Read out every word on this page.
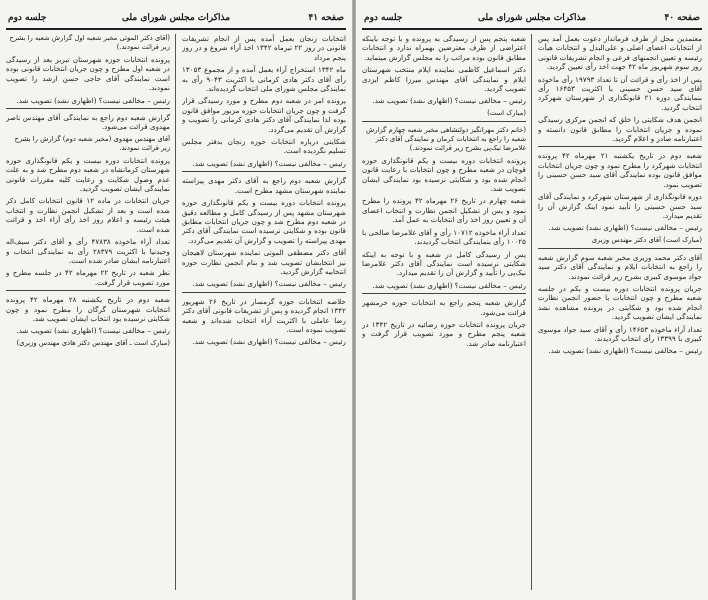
صفحه ۴۱
مذاکرات مجلس شورای ملی
جلسه دوم

انتخابات زنجان بعمل آمده پس از انجام تشریفات قانونی در روز ۲۲ تیرماه ۱۳۴۲ اخذ آراء شروع و در روز پنجم مرداد

ماه ۱۳۴۲ استخراج آراء بعمل آمده و از مجموع ۱۳۰۵۳ رأی آقای دکتر هادی کرمانی با اکثریت ۹۰۴۳ رأی به نمایندگی مجلس شورای ملی انتخاب گردیده‌اند.

پرونده امر در شعبه دوم مطرح و مورد رسیدگی قرار گرفت و چون جریان انتخابات حوزه مزبور موافق قانون بوده لذا نمایندگی آقای دکتر هادی کرمانی را تصویب و گزارش آن تقدیم می‌گردد.

شکایتی درباره انتخابات حوزه زنجان بدفتر مجلس تسلیم نگردیده است.

رئیس – مخالفی نیست؟ (اظهاری نشد) تصویب شد.

گزارش شعبه دوم راجع به آقای دکتر مهدی پیراسته نماینده شهرستان مشهد مطرح است.

پرونده انتخابات دوره بیست و یکم قانونگذاری حوزه شهرستان مشهد پس از رسیدگی کامل و مطالعه دقیق در شعبه دوم مطرح شد و چون جریان انتخابات مطابق قانون بوده و شکایتی نرسیده است نمایندگی آقای دکتر مهدی پیراسته را تصویب و گزارش آن تقدیم می‌گردد.

آقای دکتر مصطفی الموتی نماینده شهرستان لاهیجان نیز انتخابشان تصویب شد و بنام انجمن نظارت حوزه انتخابیه گزارش گردید.

رئیس – مخالفی نیست؟ (اظهاری نشد) تصویب شد.

خلاصه انتخابات حوزه گرمسار در تاریخ ۲۶ شهریور ۱۳۴۲ انجام گردیده و پس از تشریفات قانونی آقای دکتر رضا عاملی با اکثریت آراء انتخاب شده‌اند و شعبه تصویب نموده است.

رئیس – مخالفی نیست؟ (اظهاری نشد) تصویب شد.

(آقای دکتر الموتی مخبر شعبه اول گزارش شعبه را بشرح زیر قرائت نمودند.)

پرونده انتخابات حوزه شهرستان تبریز بعد از رسیدگی در شعبه اول مطرح و چون جریان انتخابات قانونی بوده است نمایندگی آقای حاجی حسن ارشد را تصویب نمودند.

رئیس – مخالفی نیست؟ (اظهاری نشد) تصویب شد.

گزارش شعبه دوم راجع به نمایندگی آقای مهندس ناصر مهدوی قرائت می‌شود.

آقای مهندس مهدوی (مخبر شعبه دوم) گزارش را بشرح زیر قرائت نمودند.

پرونده انتخابات دوره بیست و یکم قانونگذاری حوزه شهرستان کرمانشاه در شعبه دوم مطرح شد و به علت عدم وصول شکایت و رعایت کلیه مقررات قانونی نمایندگی ایشان تصویب گردید.

جریان انتخابات در ماده ۱۲ قانون انتخابات کامل ذکر شده است و بعد از تشکیل انجمن نظارت و انتخاب هیئت رئیسه و اعلام روز اخذ رأی آراء اخذ و قرائت شده است.

تعداد آراء ماخوذه ۴۷۸۳۸ رأی و آقای دکتر سیف‌اله وحیدنیا با اکثریت ۲۸۳۷۹ رأی به نمایندگی انتخاب و اعتبارنامه ایشان صادر شده است.

نظر شعبه در تاریخ ۲۲ مهرماه ۴۲ در جلسه مطرح و مورد تصویب قرار گرفت.

شعبه دوم در تاریخ یکشنبه ۲۸ مهرماه ۴۲ پرونده انتخابات شهرستان گرگان را مطرح نمود و چون شکایتی نرسیده بود انتخاب ایشان تصویب شد.

رئیس – مخالفی نیست؟ (اظهاری نشد) تصویب شد.

(مبارک است ـ آقای مهندس دکتر هادی مهندس وزیری)

صفحه ۴۰
مذاکرات مجلس شورای ملی
جلسه دوم

معتمدین محل از طرف فرمانداز دعوت بعمل آمد پس از انتخابات اعضای اصلی و علی‌البدل و انتخابات هیأت رئیسه و تعیین انجمنهای فرعی و انجام تشریفات قانونی روز سوم شهریور ماه ۴۲ جهت اخذ رأی تعیین گردید.

پس از اخذ رأی و قرائت آن تا تعداد ۱۹۷۹۳ رأی ماخوذه آقای سید حسن حسینی با اکثریت ۱۶۴۵۳ رأی بنمایندگی دوره ۲۱ قانونگذاری از شهرستان شهرکرد انتخاب گردید.

انجمن هدف شکایتی را خلق که انجمن مرکزی رسیدگی نموده و جریان انتخابات را مطابق قانون دانسته و اعتبارنامه صادر و اعلام گردید.

شعبه دوم در تاریخ یکشنبه ۲۱ مهرماه ۴۲ پرونده انتخابات شهرکرد را مطرح نمود و چون جریان انتخابات موافق قانون بوده نمایندگی آقای سید حسن حسینی را تصویب نمود.

دوره قانونگذاری از شهرستان شهرکرد و نمایندگی آقای سید حسن حسینی را تأیید نمود اینک گزارش آن را تقدیم میدارد.

رئیس – مخالفی نیست؟ (اظهاری نشد) تصویب شد.

(مبارک است) آقای دکتر مهندس وزیری

آقای دکتر محمد وزیری مخبر شعبه سوم گزارش شعبه را راجع به انتخابات ایلام و نمایندگی آقای دکتر سید جواد موسوی کبیری بشرح زیر قرائت نمودند.

جریان پرونده انتخابات دوره بیست و یکم در جلسه شعبه مطرح و چون انتخابات با حضور انجمن نظارت انجام شده بود و شکایتی در پرونده مشاهده نشد نمایندگی ایشان تصویب گردید.

تعداد آراء ماخوذه ۱۴۶۵۳ رأی و آقای سید جواد موسوی کبیری با ۱۳۳۹۹ رأی انتخاب گردیدند.

رئیس – مخالفی نیست؟ (اظهاری نشد) تصویب شد.

شعبه پنجم پس از رسیدگی به پرونده و با توجه باینکه اعتراضی از طرف معترضین بهمراه ندارد و انتخابات مطابق قانون بوده مراتب را به مجلس گزارش مینماید.

دکتر اسماعیل کاظمی نماینده ایلام منتخب شهرستان ایلام و نمایندگی آقای مهندس میرزا کاظم ایزدی تصویب گردید.

رئیس – مخالفی نیست؟ (اظهاری نشد) تصویب شد.

(مبارک است)

(خانم دکتر مهرانگیز دولتشاهی مخبر شعبه چهارم گزارش شعبه را راجع به انتخابات کرمان و نمایندگی آقای دکتر غلامرضا نیک‌پی بشرح زیر قرائت نمودند.)

پرونده انتخابات دوره بیست و یکم قانونگذاری حوزه قوچان در شعبه مطرح و چون انتخابات با رعایت قانون انجام شده بود و شکایتی نرسیده بود نمایندگی ایشان تصویب شد.

شعبه چهارم در تاریخ ۲۶ مهرماه ۴۲ پرونده را مطرح نمود و پس از تشکیل انجمن نظارت و انتخاب اعضای آن و تعیین روز اخذ رأی انتخابات به عمل آمد.

تعداد آراء ماخوذه ۱۰۷۱۲ رأی و آقای غلامرضا صالحی با ۱۰۰۲۵ رأی بنمایندگی انتخاب گردیدند.

پس از رسیدگی کامل در شعبه و با توجه به اینکه شکایتی نرسیده است نمایندگی آقای دکتر غلامرضا نیک‌پی را تأیید و گزارش آن را تقدیم میدارد.

رئیس – مخالفی نیست؟ (اظهاری نشد) تصویب شد.

گزارش شعبه پنجم راجع به انتخابات حوزه خرمشهر قرائت می‌شود.

جریان پرونده انتخابات حوزه رضائیه در تاریخ ۱۳۴۲ در شعبه پنجم مطرح و مورد تصویب قرار گرفت و اعتبارنامه صادر شد.
